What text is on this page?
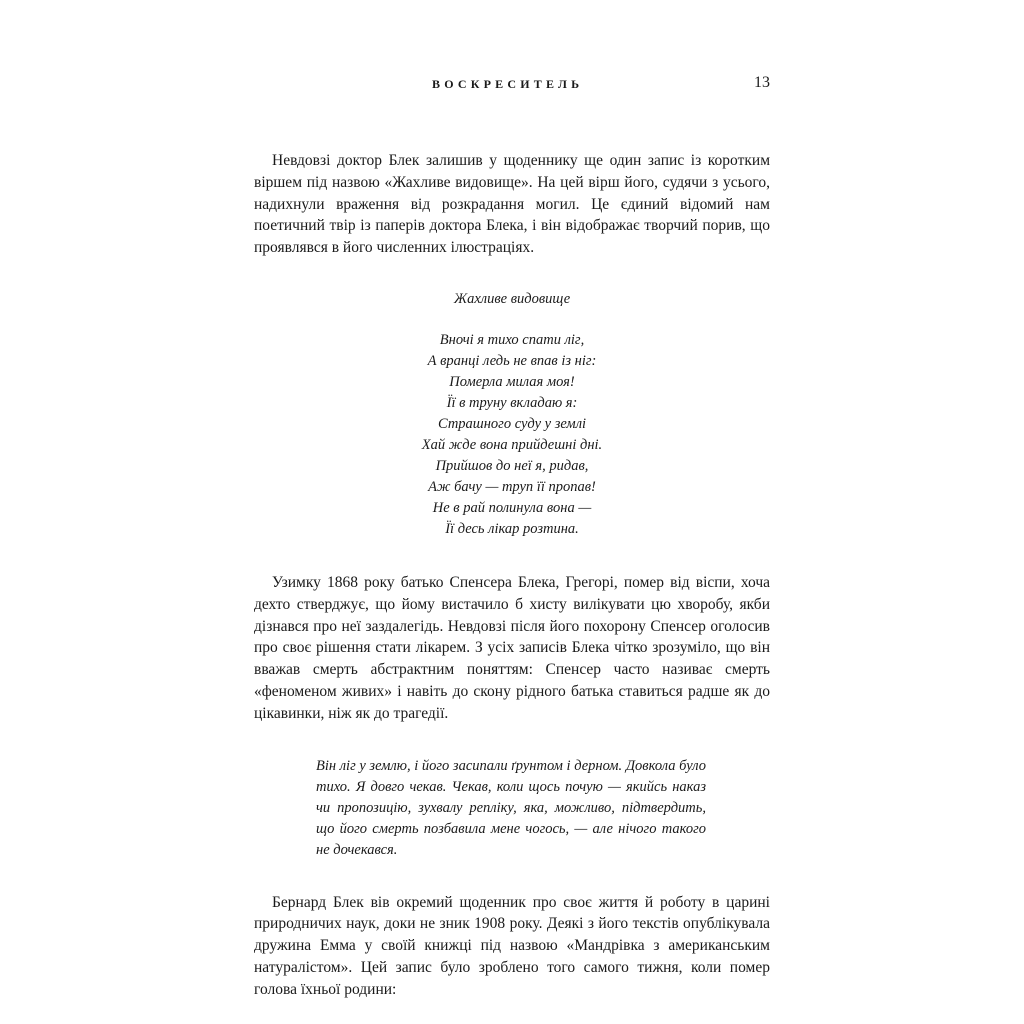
ВОСКРЕСИТЕЛЬ	13

Невдовзі доктор Блек залишив у щоденнику ще один запис із коротким віршем під назвою «Жахливе видовище». На цей вірш його, судячи з усього, надихнули враження від розкрадання могил. Це єдиний відомий нам поетичний твір із паперів доктора Блека, і він відображає творчий порив, що проявлявся в його численних ілюстраціях.

Жахливе видовище

Вночі я тихо спати ліг,
А вранці ледь не впав із ніг:
Померла милая моя!
Її в труну вкладаю я:
Страшного суду у землі
Хай жде вона прийдешні дні.
Прийшов до неї я, ридав,
Аж бачу — труп її пропав!
Не в рай полинула вона —
Її десь лікар розтина.

Узимку 1868 року батько Спенсера Блека, Грегорі, помер від віспи, хоча дехто стверджує, що йому вистачило б хисту вилікувати цю хворобу, якби дізнався про неї заздалегідь. Невдовзі після його похорону Спенсер оголосив про своє рішення стати лікарем. З усіх записів Блека чітко зрозуміло, що він вважав смерть абстрактним поняттям: Спенсер часто називає смерть «феноменом живих» і навіть до скону рідного батька ставиться радше як до цікавинки, ніж як до трагедії.

Він ліг у землю, і його засипали ґрунтом і дерном. Довкола було тихо. Я довго чекав. Чекав, коли щось почую — якийсь наказ чи пропозицію, зухвалу репліку, яка, можливо, підтвердить, що його смерть позбавила мене чогось, — але нічого такого не дочекався.

Бернард Блек вів окремий щоденник про своє життя й роботу в царині природничих наук, доки не зник 1908 року. Деякі з його текстів опублікувала дружина Емма у своїй книжці під назвою «Мандрівка з американським натуралістом». Цей запис було зроблено того самого тижня, коли помер голова їхньої родини:
